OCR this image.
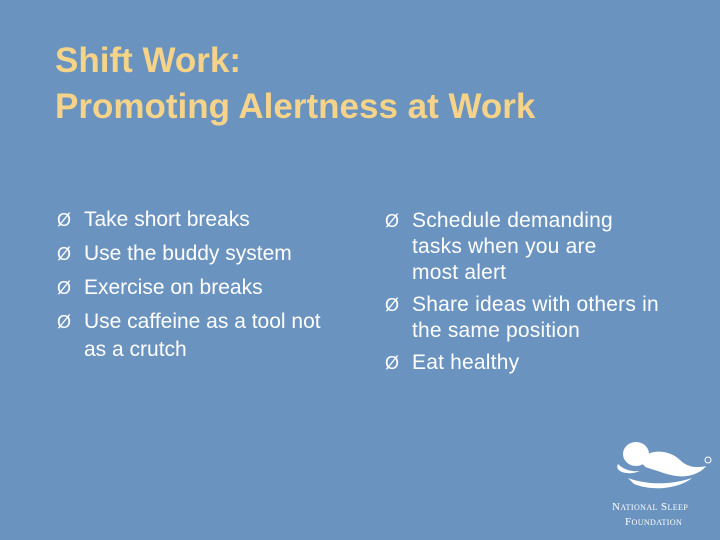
Shift Work:
Promoting Alertness at Work
Ø Take short breaks
Ø Use the buddy system
Ø Exercise on breaks
Ø Use caffeine as a tool not as a crutch
Ø Schedule demanding tasks when you are most alert
Ø Share ideas with others in the same position
Ø Eat healthy
National Sleep
Foundation
